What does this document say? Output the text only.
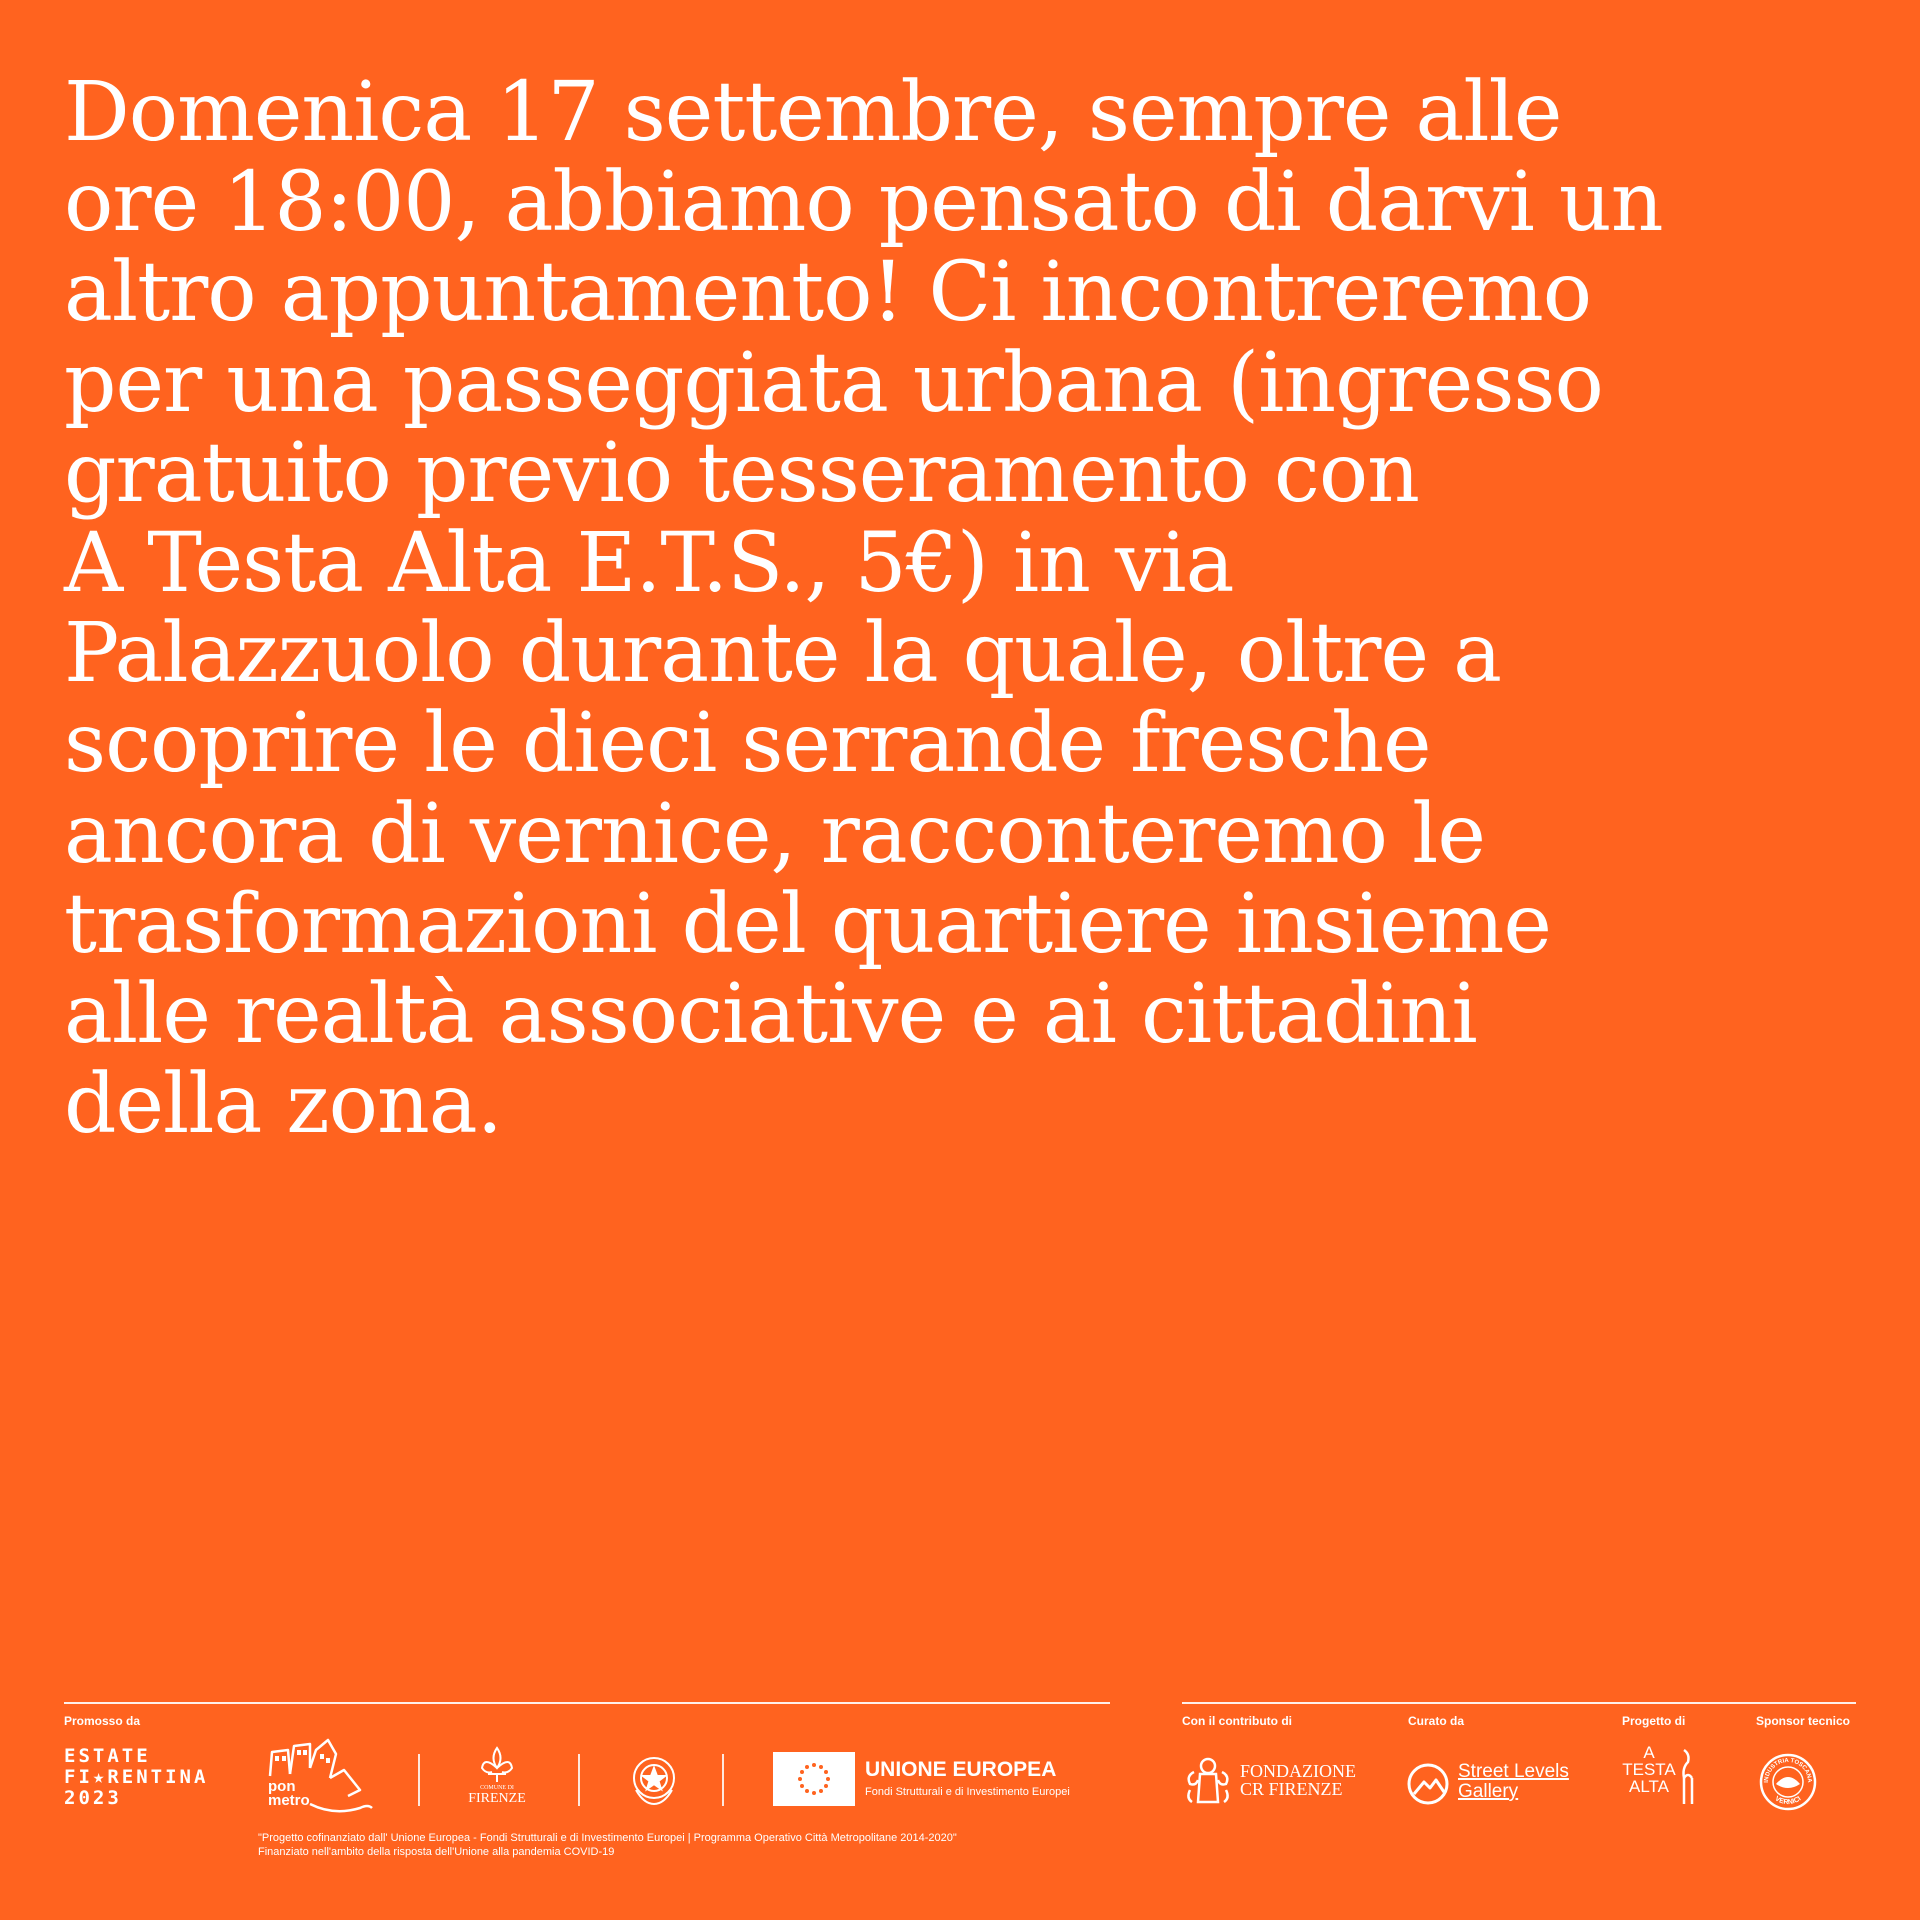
Domenica 17 settembre, sempre alle
ore 18:00, abbiamo pensato di darvi un
altro appuntamento! Ci incontreremo
per una passeggiata urbana (ingresso
gratuito previo tesseramento con
A Testa Alta E.T.S., 5€) in via
Palazzuolo durante la quale, oltre a
scoprire le dieci serrande fresche
ancora di vernice, racconteremo le
trasformazioni del quartiere insieme
alle realtà associative e ai cittadini
della zona.
Promosso da	Con il contributo di	Curato da	Progetto di	Sponsor tecnico
ESTATE
FI★RENTINA
2023
pon
metro
COMUNE DI
FIRENZE
UNIONE EUROPEA
Fondi Strutturali e di Investimento Europei
"Progetto cofinanziato dall' Unione Europea - Fondi Strutturali e di Investimento Europei | Programma Operativo Città Metropolitane 2014-2020"
Finanziato nell'ambito della risposta dell'Unione alla pandemia COVID-19
FONDAZIONE
CR FIRENZE
Street Levels
Gallery
A
TESTA
ALTA	INDUSTRIA TOSCANA
VERNICI
